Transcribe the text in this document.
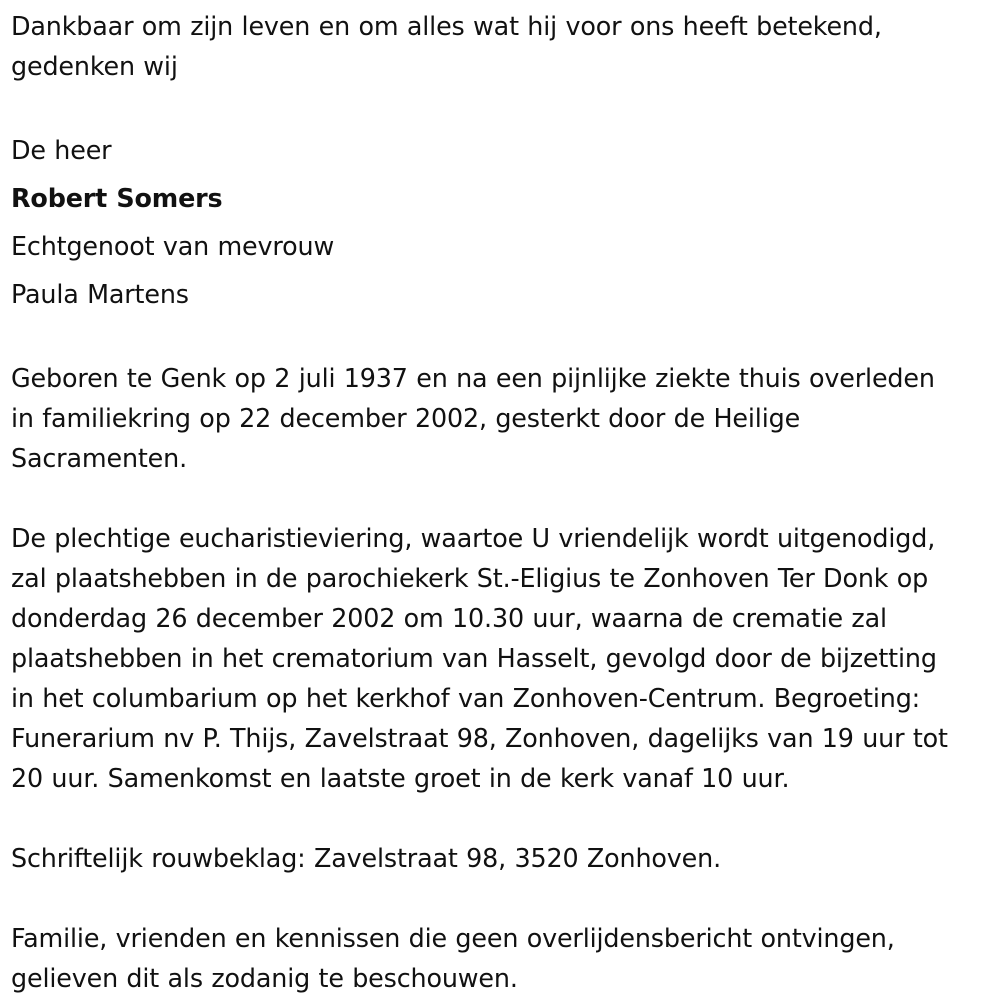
Dankbaar om zijn leven en om alles wat hij voor ons heeft betekend,
gedenken wij

De heer
Robert Somers
Echtgenoot van mevrouw
Paula Martens

Geboren te Genk op 2 juli 1937 en na een pijnlijke ziekte thuis overleden
in familiekring op 22 december 2002, gesterkt door de Heilige
Sacramenten.

De plechtige eucharistieviering, waartoe U vriendelijk wordt uitgenodigd,
zal plaatshebben in de parochiekerk St.-Eligius te Zonhoven Ter Donk op
donderdag 26 december 2002 om 10.30 uur, waarna de crematie zal
plaatshebben in het crematorium van Hasselt, gevolgd door de bijzetting
in het columbarium op het kerkhof van Zonhoven-Centrum. Begroeting:
Funerarium nv P. Thijs, Zavelstraat 98, Zonhoven, dagelijks van 19 uur tot
20 uur. Samenkomst en laatste groet in de kerk vanaf 10 uur.

Schriftelijk rouwbeklag: Zavelstraat 98, 3520 Zonhoven.

Familie, vrienden en kennissen die geen overlijdensbericht ontvingen,
gelieven dit als zodanig te beschouwen.
